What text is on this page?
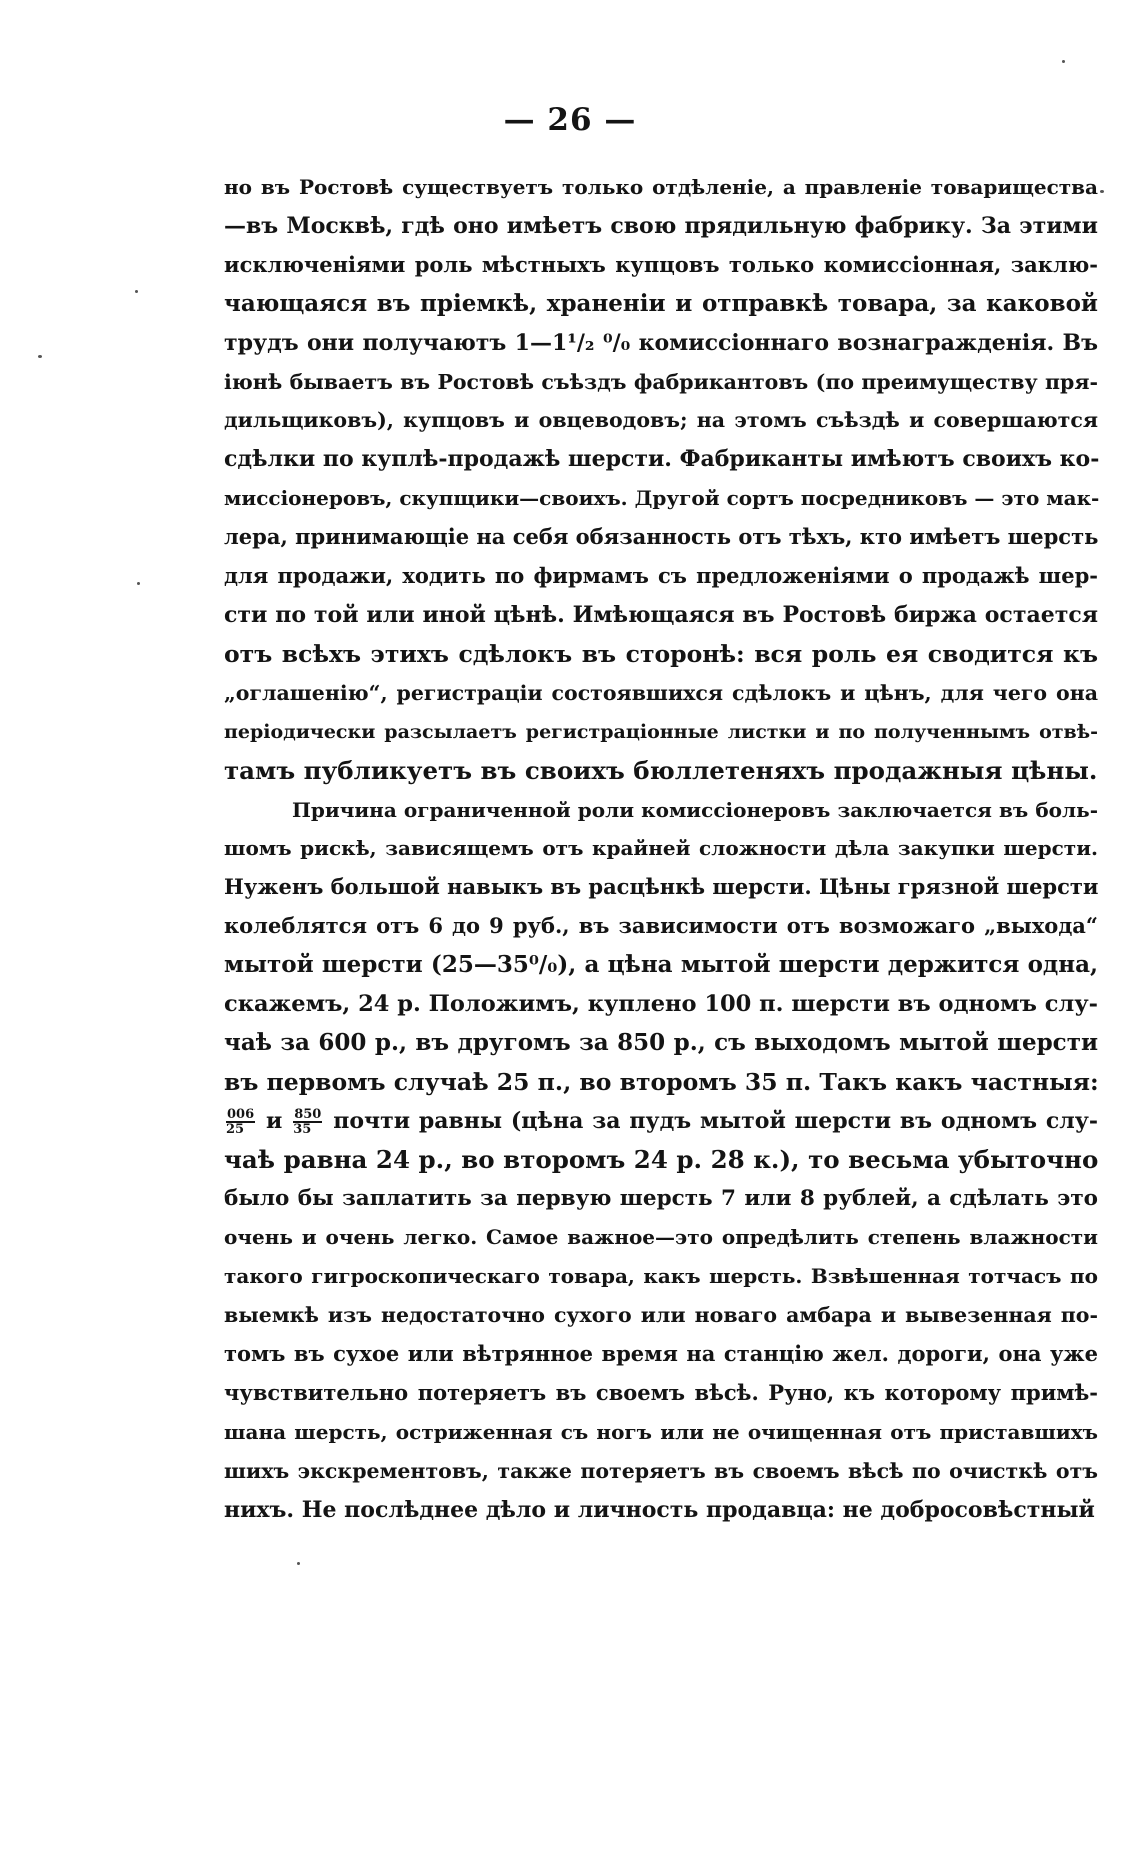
— 26 —
но въ Ростовѣ существуетъ только отдѣленіе, а правленіе товарищества
—въ Москвѣ, гдѣ оно имѣетъ свою прядильную фабрику. За этими
исключеніями роль мѣстныхъ купцовъ только комиссіонная, заклю-
чающаяся въ пріемкѣ, храненіи и отправкѣ товара, за каковой
трудъ они получаютъ 1—1¹/₂ ⁰/₀ комиссіоннаго вознагражденія. Въ
іюнѣ бываетъ въ Ростовѣ съѣздъ фабрикантовъ (по преимуществу пря-
дильщиковъ), купцовъ и овцеводовъ; на этомъ съѣздѣ и совершаются
сдѣлки по куплѣ-продажѣ шерсти. Фабриканты имѣютъ своихъ ко-
миссіонеровъ, скупщики—своихъ. Другой сортъ посредниковъ — это мак-
лера, принимающіе на себя обязанность отъ тѣхъ, кто имѣетъ шерсть
для продажи, ходить по фирмамъ съ предложеніями о продажѣ шер-
сти по той или иной цѣнѣ. Имѣющаяся въ Ростовѣ биржа остается
отъ всѣхъ этихъ сдѣлокъ въ сторонѣ: вся роль ея сводится къ
„оглашенію“, регистраціи состоявшихся сдѣлокъ и цѣнъ, для чего она
періодически разсылаетъ регистраціонные листки и по полученнымъ отвѣ-
тамъ публикуетъ въ своихъ бюллетеняхъ продажныя цѣны.
Причина ограниченной роли комиссіонеровъ заключается въ боль-
шомъ рискѣ, зависящемъ отъ крайней сложности дѣла закупки шерсти.
Нуженъ большой навыкъ въ расцѣнкѣ шерсти. Цѣны грязной шерсти
колеблятся отъ 6 до 9 руб., въ зависимости отъ возможаго „выхода“
мытой шерсти (25—35⁰/₀), а цѣна мытой шерсти держится одна,
скажемъ, 24 р. Положимъ, куплено 100 п. шерсти въ одномъ слу-
чаѣ за 600 р., въ другомъ за 850 р., съ выходомъ мытой шерсти
въ первомъ случаѣ 25 п., во второмъ 35 п. Такъ какъ частныя:
$\frac{006}{25}$ и $\frac{850}{35}$ почти равны (цѣна за пудъ мытой шерсти въ одномъ слу-
чаѣ равна 24 р., во второмъ 24 р. 28 к.), то весьма убыточно
было бы заплатить за первую шерсть 7 или 8 рублей, а сдѣлать это
очень и очень легко. Самое важное—это опредѣлить степень влажности
такого гигроскопическаго товара, какъ шерсть. Взвѣшенная тотчасъ по
выемкѣ изъ недостаточно сухого или новаго амбара и вывезенная по-
томъ въ сухое или вѣтрянное время на станцію жел. дороги, она уже
чувствительно потеряетъ въ своемъ вѣсѣ. Руно, къ которому примѣ-
шана шерсть, остриженная съ ногъ или не очищенная отъ приставшихъ
шихъ экскрементовъ, также потеряетъ въ своемъ вѣсѣ по очисткѣ отъ
нихъ. Не послѣднее дѣло и личность продавца: не добросовѣстный
